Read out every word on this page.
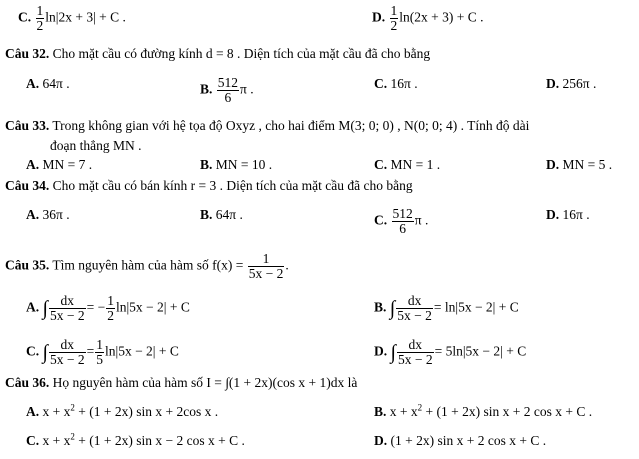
C. $\frac{1}{2} \ln|2x + 3| + C$ .	D. $\frac{1}{2} \ln(2x + 3) + C$ .
Câu 32. Cho mặt cầu có đường kính d = 8 . Diện tích của mặt cầu đã cho bằng
A. 64π .	B. $\frac{512}{6}$ π .	C. 16π .	D. 256π .
Câu 33. Trong không gian với hệ tọa độ Oxyz , cho hai điểm M(3; 0; 0) , N(0; 0; 4) . Tính độ dài
đoạn thẳng MN .
A. MN = 7 .	B. MN = 10 .	C. MN = 1 .	D. MN = 5 .
Câu 34. Cho mặt cầu có bán kính r = 3 . Diện tích của mặt cầu đã cho bằng
A. 36π .	B. 64π .	C. $\frac{512}{6}$ π .	D. 16π .
Câu 35. Tìm nguyên hàm của hàm số $f(x) = \frac{1}{5x - 2}$ .
A. ∫ $\frac{dx}{5x - 2}$ = − $\frac{1}{2} \ln|5x - 2| + C$	B. ∫ $\frac{dx}{5x - 2} = \ln|5x - 2| + C$
C. ∫ $\frac{dx}{5x - 2} = \frac{1}{5} \ln|5x - 2| + C$	D. ∫ $\frac{dx}{5x - 2} = 5\ln|5x - 2| + C$
Câu 36. Họ nguyên hàm của hàm số I = ∫(1 + 2x)(cos x + 1)dx là
A. $x + x^2 + (1 + 2x)$ sin x + 2cos x .	B. $x + x^2 + (1 + 2x)$ sin x + 2 cos x + C .
C. $x + x^2 + (1 + 2x)$ sin x − 2 cos x + C .	D. (1 + 2x) sin x + 2 cos x + C .
